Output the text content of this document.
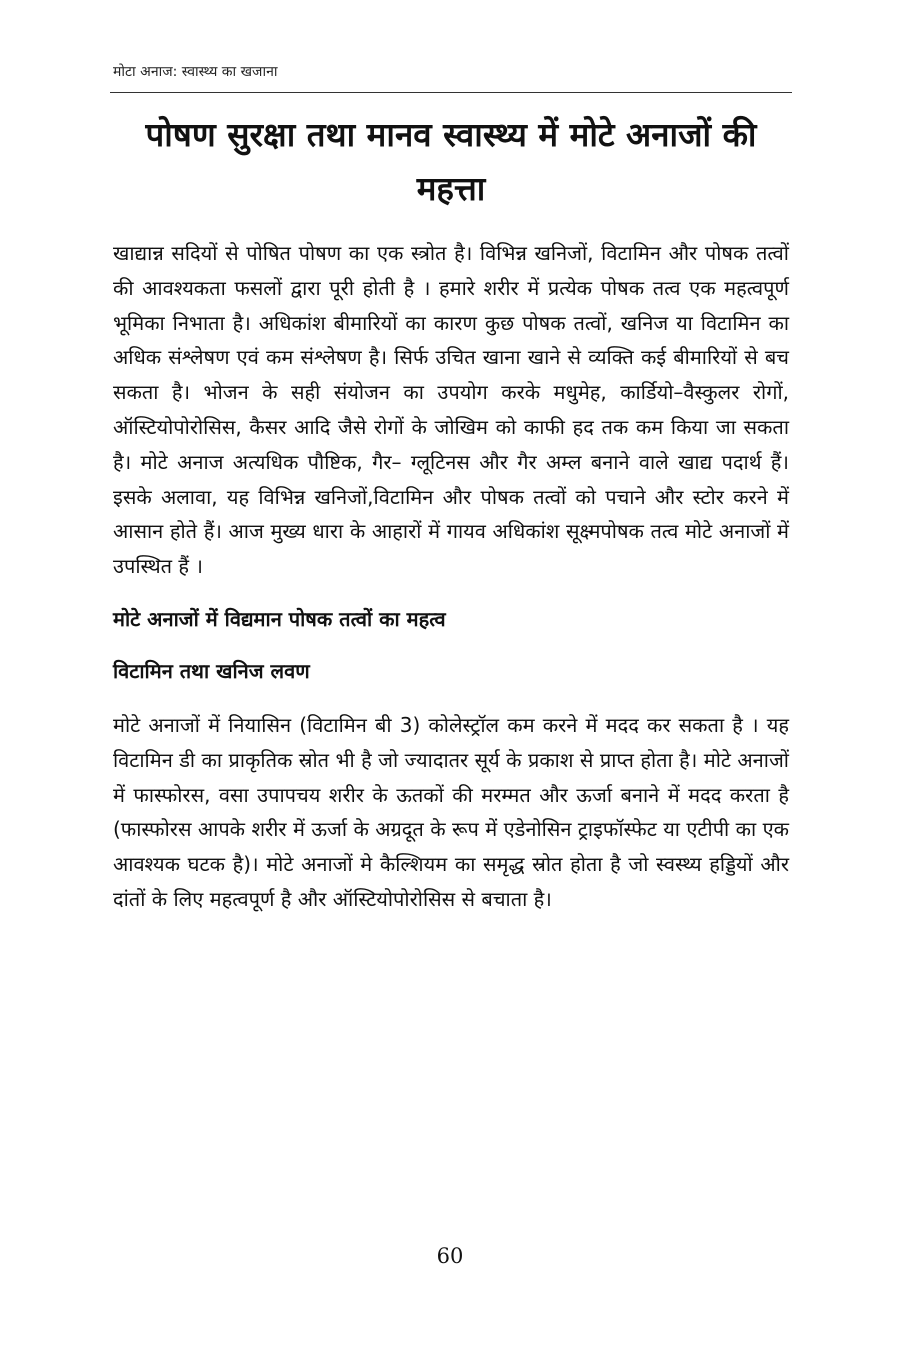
मोटा अनाज: स्वास्थ्य का खजाना
पोषण सुरक्षा तथा मानव स्वास्थ्य में मोटे अनाजों की महत्ता

खाद्यान्न सदियों से पोषित पोषण का एक स्त्रोत है। विभिन्न खनिजों, विटामिन और पोषक तत्वों की आवश्यकता फसलों द्वारा पूरी होती है । हमारे शरीर में प्रत्येक पोषक तत्व एक महत्वपूर्ण भूमिका निभाता है। अधिकांश बीमारियों का कारण कुछ पोषक तत्वों, खनिज या विटामिन का अधिक संश्लेषण एवं कम संश्लेषण है। सिर्फ उचित खाना खाने से व्यक्ति कई बीमारियों से बच सकता है। भोजन के सही संयोजन का उपयोग करके मधुमेह, कार्डियो–वैस्कुलर रोगों, ऑस्टियोपोरोसिस, कैसर आदि जैसे रोगों के जोखिम को काफी हद तक कम किया जा सकता है। मोटे अनाज अत्यधिक पौष्टिक, गैर– ग्लूटिनस और गैर अम्ल बनाने वाले खाद्य पदार्थ हैं। इसके अलावा, यह विभिन्न खनिजों,विटामिन और पोषक तत्वों को पचाने और स्टोर करने में आसान होते हैं। आज मुख्य धारा के आहारों में गायव अधिकांश सूक्ष्मपोषक तत्व मोटे अनाजों में उपस्थित हैं ।

मोटे अनाजों में विद्यमान पोषक तत्वों का महत्व
विटामिन तथा खनिज लवण

मोटे अनाजों में नियासिन (विटामिन बी 3) कोलेस्ट्रॉल कम करने में मदद कर सकता है । यह विटामिन डी का प्राकृतिक स्रोत भी है जो ज्यादातर सूर्य के प्रकाश से प्राप्त होता है। मोटे अनाजों में फास्फोरस, वसा उपापचय शरीर के ऊतकों की मरम्मत और ऊर्जा बनाने में मदद करता है (फास्फोरस आपके शरीर में ऊर्जा के अग्रदूत के रूप में एडेनोसिन ट्राइफॉस्फेट या एटीपी का एक आवश्यक घटक है)। मोटे अनाजों मे कैल्शियम का समृद्ध स्रोत होता है जो स्वस्थ्य हड्डियों और दांतों के लिए महत्वपूर्ण है और ऑस्टियोपोरोसिस से बचाता है।

60
